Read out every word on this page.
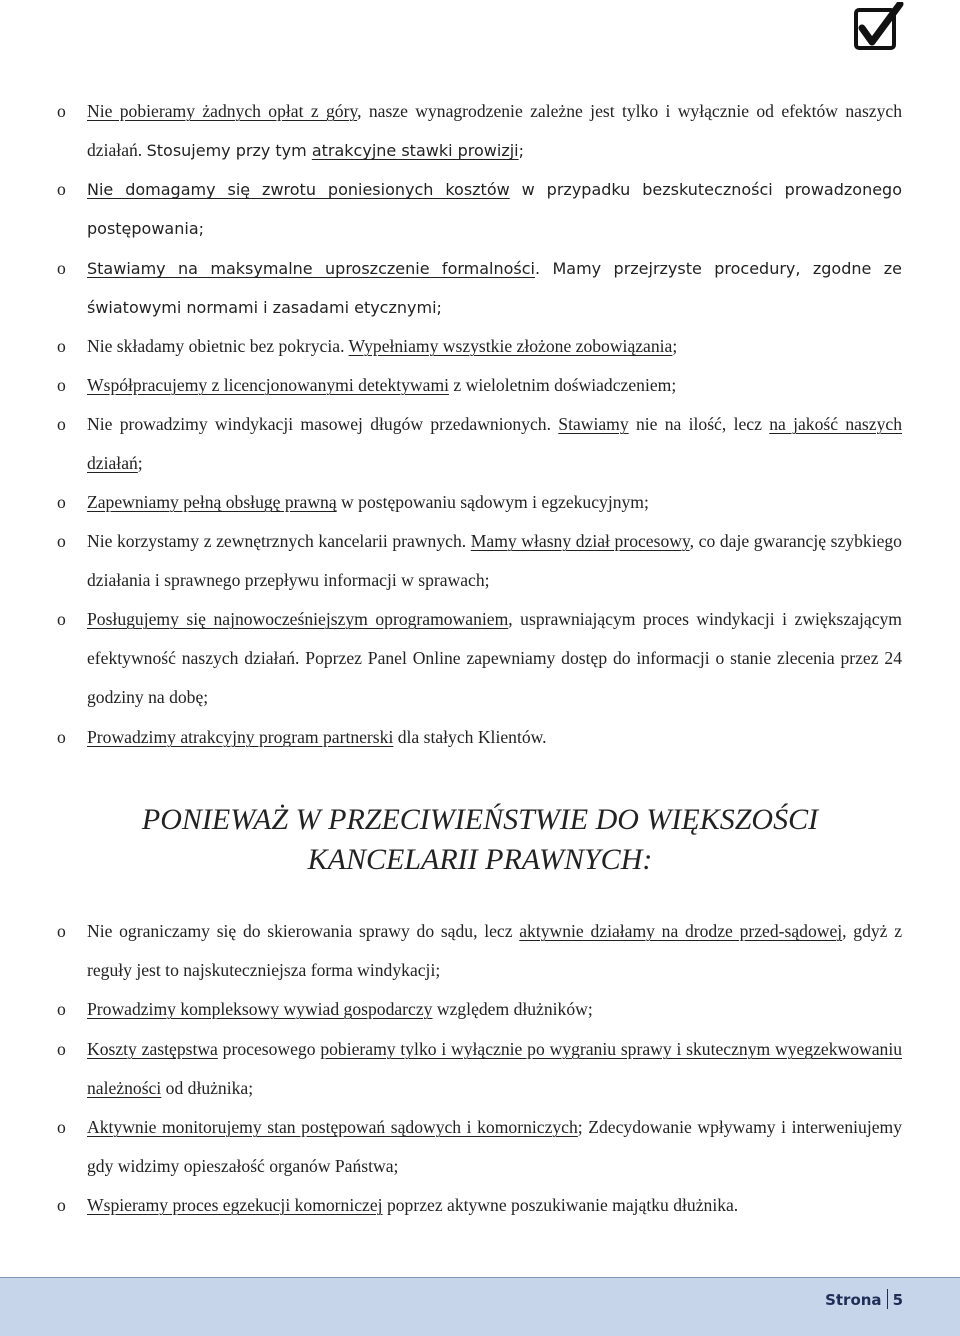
o Nie pobieramy żadnych opłat z góry, nasze wynagrodzenie zależne jest tylko i wyłącznie od efektów naszych działań. Stosujemy przy tym atrakcyjne stawki prowizji;
o Nie domagamy się zwrotu poniesionych kosztów w przypadku bezskuteczności prowadzonego postępowania;
o Stawiamy na maksymalne uproszczenie formalności. Mamy przejrzyste procedury, zgodne ze światowymi normami i zasadami etycznymi;
o Nie składamy obietnic bez pokrycia. Wypełniamy wszystkie złożone zobowiązania;
o Współpracujemy z licencjonowanymi detektywami z wieloletnim doświadczeniem;
o Nie prowadzimy windykacji masowej długów przedawnionych. Stawiamy nie na ilość, lecz na jakość naszych działań;
o Zapewniamy pełną obsługę prawną w postępowaniu sądowym i egzekucyjnym;
o Nie korzystamy z zewnętrznych kancelarii prawnych. Mamy własny dział procesowy, co daje gwarancję szybkiego działania i sprawnego przepływu informacji w sprawach;
o Posługujemy się najnowocześniejszym oprogramowaniem, usprawniającym proces windykacji i zwiększającym efektywność naszych działań. Poprzez Panel Online zapewniamy dostęp do informacji o stanie zlecenia przez 24 godziny na dobę;
o Prowadzimy atrakcyjny program partnerski dla stałych Klientów.
PONIEWAŻ W PRZECIWIEŃSTWIE DO WIĘKSZOŚCI
KANCELARII PRAWNYCH:
o Nie ograniczamy się do skierowania sprawy do sądu, lecz aktywnie działamy na drodze przed-sądowej, gdyż z reguły jest to najskuteczniejsza forma windykacji;
o Prowadzimy kompleksowy wywiad gospodarczy względem dłużników;
o Koszty zastępstwa procesowego pobieramy tylko i wyłącznie po wygraniu sprawy i skutecznym wyegzekwowaniu należności od dłużnika;
o Aktywnie monitorujemy stan postępowań sądowych i komorniczych; Zdecydowanie wpływamy i interweniujemy gdy widzimy opieszałość organów Państwa;
o Wspieramy proces egzekucji komorniczej poprzez aktywne poszukiwanie majątku dłużnika.
Strona 5
